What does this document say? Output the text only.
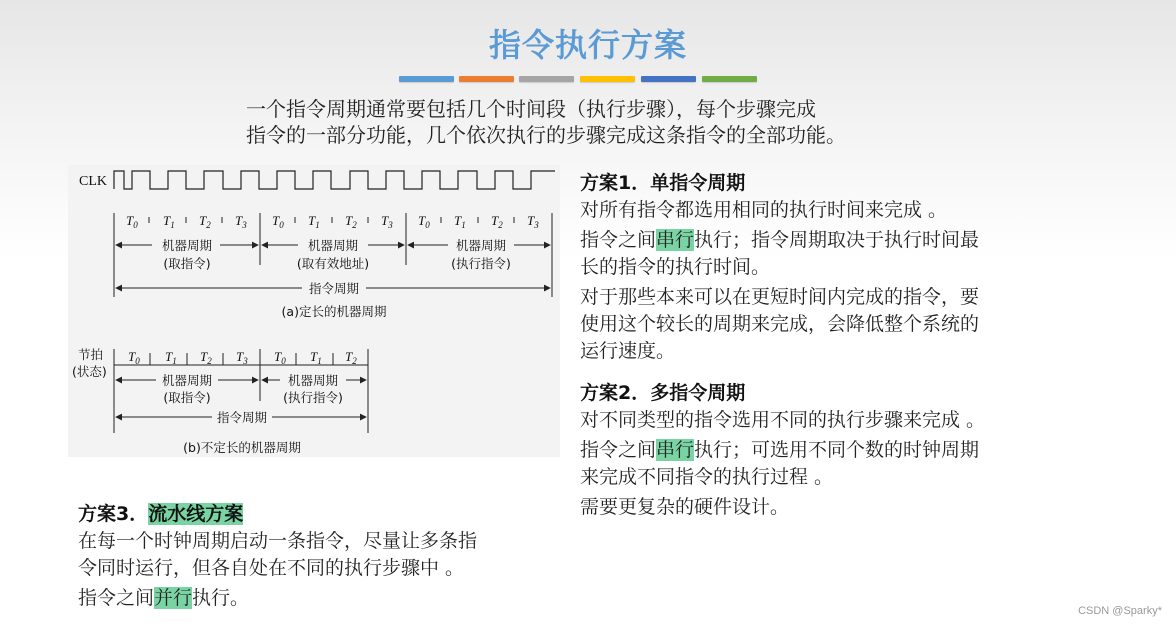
指令执行方案
一个指令周期通常要包括几个时间段（执行步骤），每个步骤完成
指令的一部分功能，几个依次执行的步骤完成这条指令的全部功能。
CLK
$T_0$ $T_1$ $T_2$ $T_3$ $T_0$ $T_1$ $T_2$ $T_3$ $T_0$ $T_1$ $T_2$ $T_3$
机器周期
(取指令)
机器周期
(取有效地址)
机器周期
(执行指令)
指令周期
(a)定长的机器周期
节拍
(状态)
$T_0$ $T_1$ $T_2$ $T_3$ $T_0$ $T_1$ $T_2$
机器周期
(取指令)
机器周期
(执行指令)
指令周期
(b)不定长的机器周期
方案1．单指令周期
对所有指令都选用相同的执行时间来完成 。
指令之间串行执行；指令周期取决于执行时间最
长的指令的执行时间。
对于那些本来可以在更短时间内完成的指令，要
使用这个较长的周期来完成，会降低整个系统的
运行速度。
方案2．多指令周期
对不同类型的指令选用不同的执行步骤来完成 。
指令之间串行执行；可选用不同个数的时钟周期
来完成不同指令的执行过程 。
需要更复杂的硬件设计。
方案3．流水线方案
在每一个时钟周期启动一条指令，尽量让多条指
令同时运行，但各自处在不同的执行步骤中 。
指令之间并行执行。
CSDN @Sparky*
